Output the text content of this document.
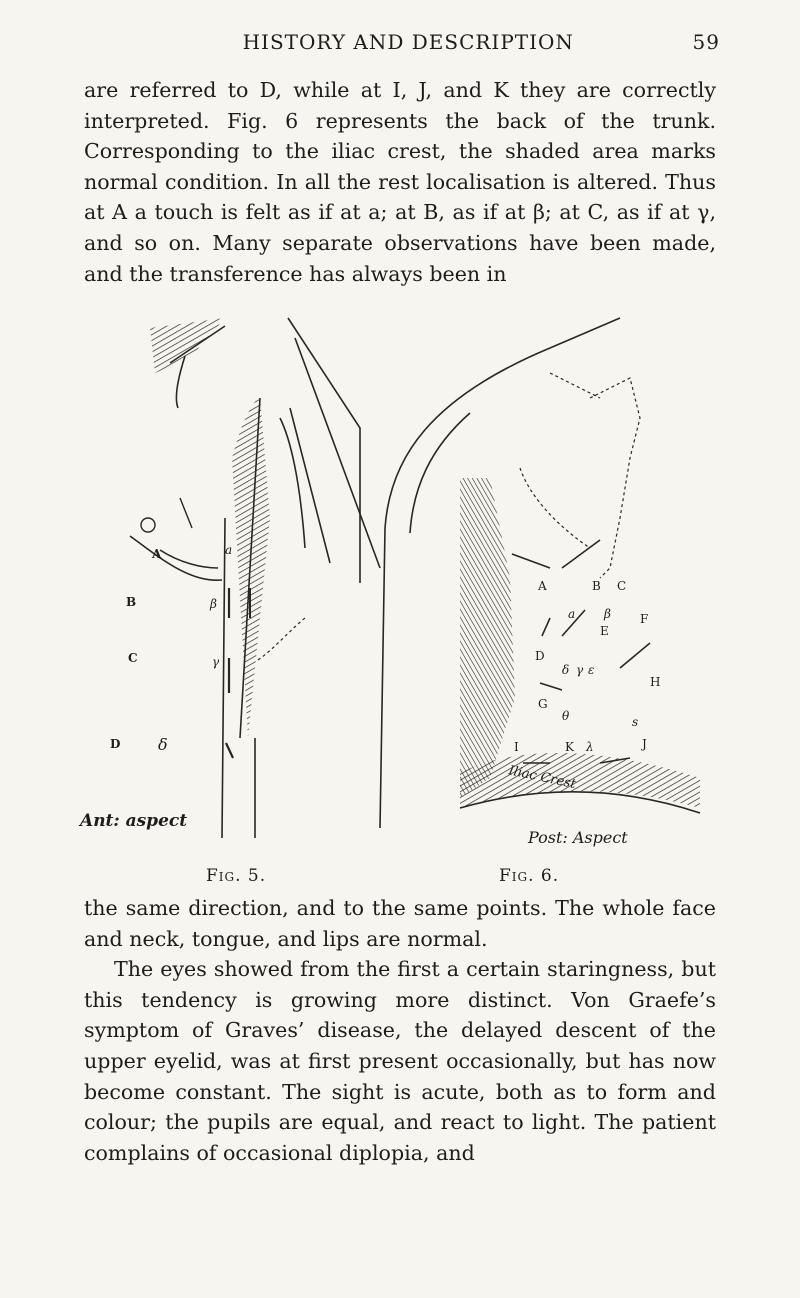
HISTORY AND DESCRIPTION	59

are referred to D, while at I, J, and K they are correctly interpreted. Fig. 6 represents the back of the trunk. Corresponding to the iliac crest, the shaded area marks normal condition. In all the rest localisation is altered. Thus at A a touch is felt as if at a; at B, as if at β; at C, as if at γ, and so on. Many separate observations have been made, and the transference has always been in

A	a
B	β
C	γ
D δ
Ant: aspect
A	B C
a β
E
F
D
δ γ ε
G
θ
H
s
I	K λ	J
Iliac Crest
Post: Aspect
Fig. 5.	Fig. 6.

the same direction, and to the same points. The whole face and neck, tongue, and lips are normal.

The eyes showed from the first a certain staringness, but this tendency is growing more distinct. Von Graefe’s symptom of Graves’ disease, the delayed descent of the upper eyelid, was at first present occasionally, but has now become constant. The sight is acute, both as to form and colour; the pupils are equal, and react to light. The patient complains of occasional diplopia, and
